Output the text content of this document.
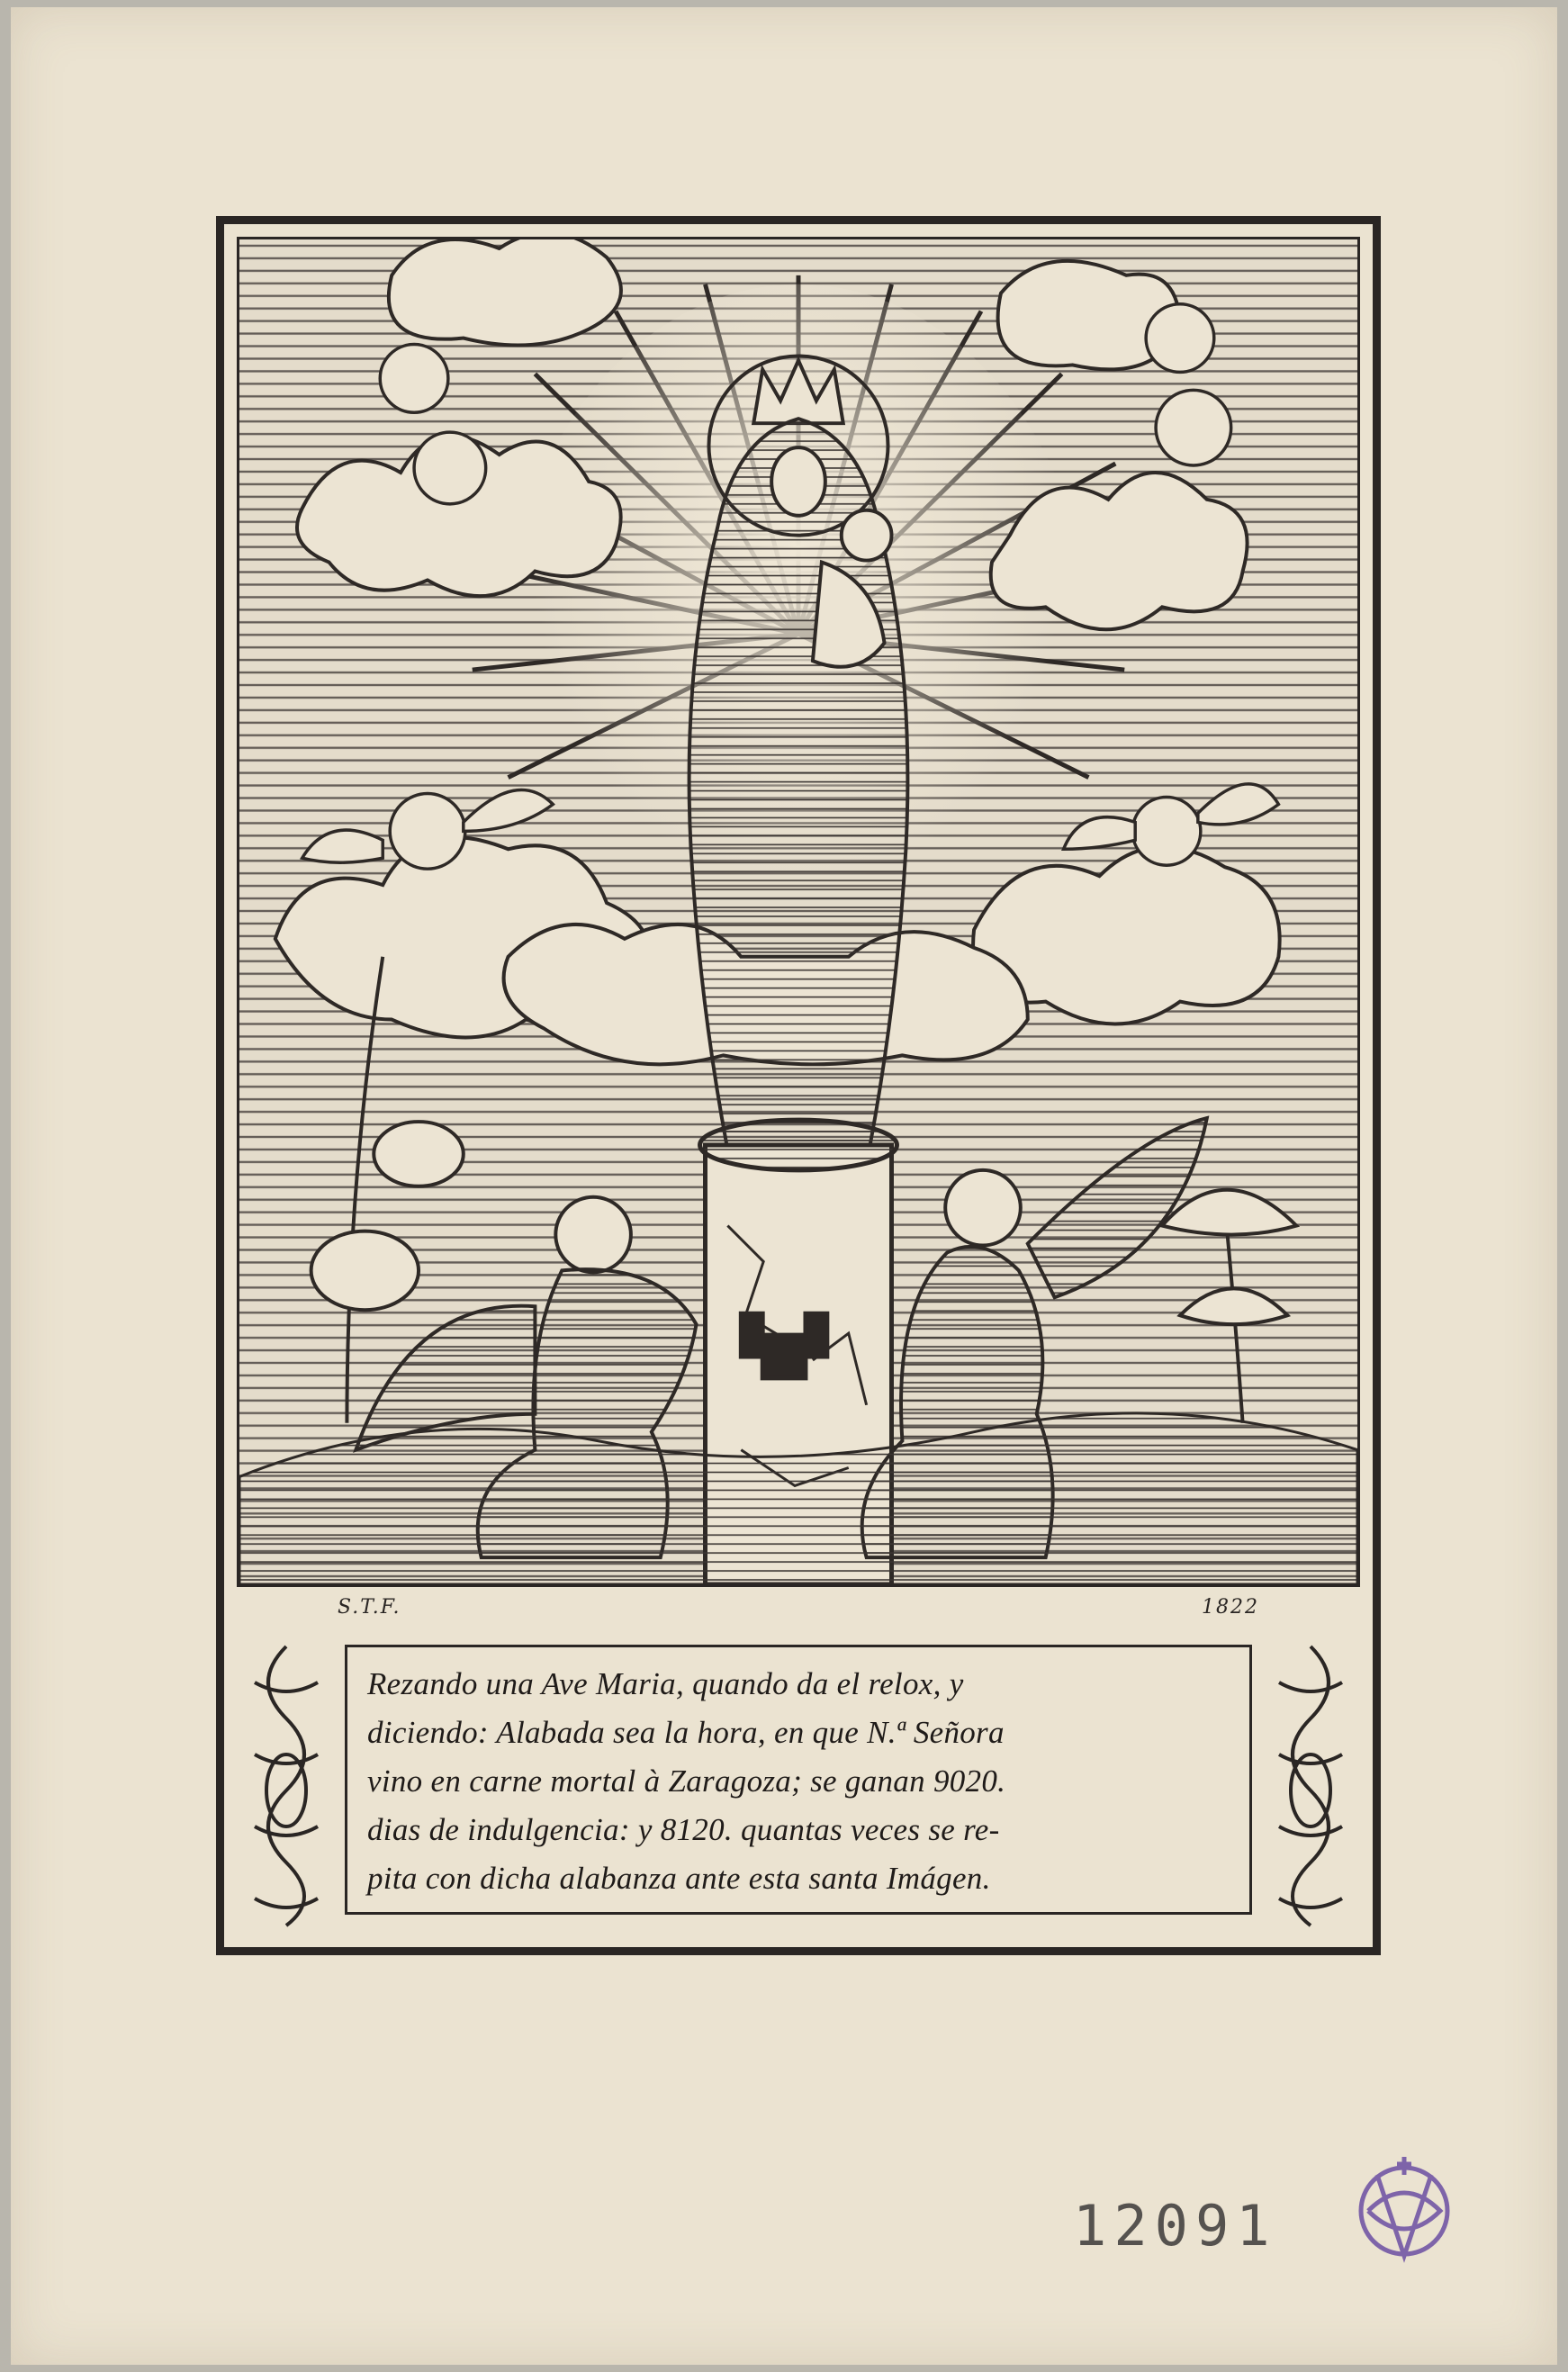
S.T.F.	1822
Rezando una Ave Maria, quando da el relox, y
diciendo: Alabada sea la hora, en que N.ª Señora
vino en carne mortal à Zaragoza; se ganan 9020.
dias de indulgencia: y 8120. quantas veces se re-
pita con dicha alabanza ante esta santa Imágen.
12091
